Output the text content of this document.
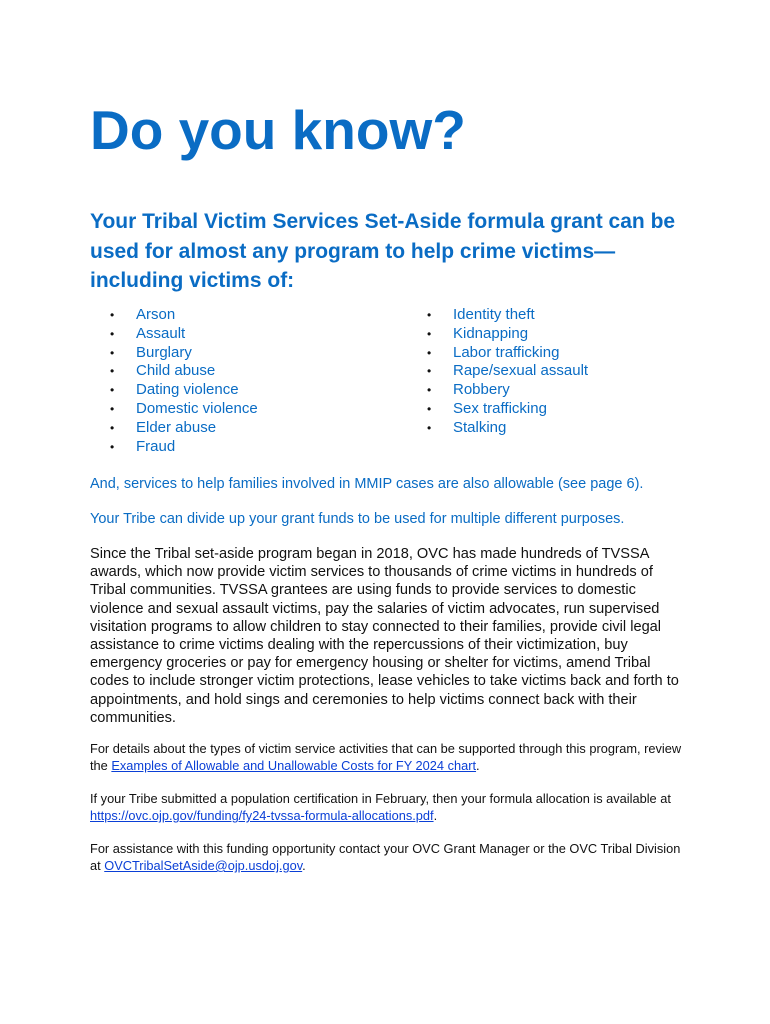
Do you know?
Your Tribal Victim Services Set-Aside formula grant can be used for almost any program to help crime victims—including victims of:
• Arson
• Assault
• Burglary
• Child abuse
• Dating violence
• Domestic violence
• Elder abuse
• Fraud
• Identity theft
• Kidnapping
• Labor trafficking
• Rape/sexual assault
• Robbery
• Sex trafficking
• Stalking

And, services to help families involved in MMIP cases are also allowable (see page 6).

Your Tribe can divide up your grant funds to be used for multiple different purposes.

Since the Tribal set-aside program began in 2018, OVC has made hundreds of TVSSA awards, which now provide victim services to thousands of crime victims in hundreds of Tribal communities. TVSSA grantees are using funds to provide services to domestic violence and sexual assault victims, pay the salaries of victim advocates, run supervised visitation programs to allow children to stay connected to their families, provide civil legal assistance to crime victims dealing with the repercussions of their victimization, buy emergency groceries or pay for emergency housing or shelter for victims, amend Tribal codes to include stronger victim protections, lease vehicles to take victims back and forth to appointments, and hold sings and ceremonies to help victims connect back with their communities.

For details about the types of victim service activities that can be supported through this program, review the Examples of Allowable and Unallowable Costs for FY 2024 chart.

If your Tribe submitted a population certification in February, then your formula allocation is available at https://ovc.ojp.gov/funding/fy24-tvssa-formula-allocations.pdf.

For assistance with this funding opportunity contact your OVC Grant Manager or the OVC Tribal Division at OVCTribalSetAside@ojp.usdoj.gov.
